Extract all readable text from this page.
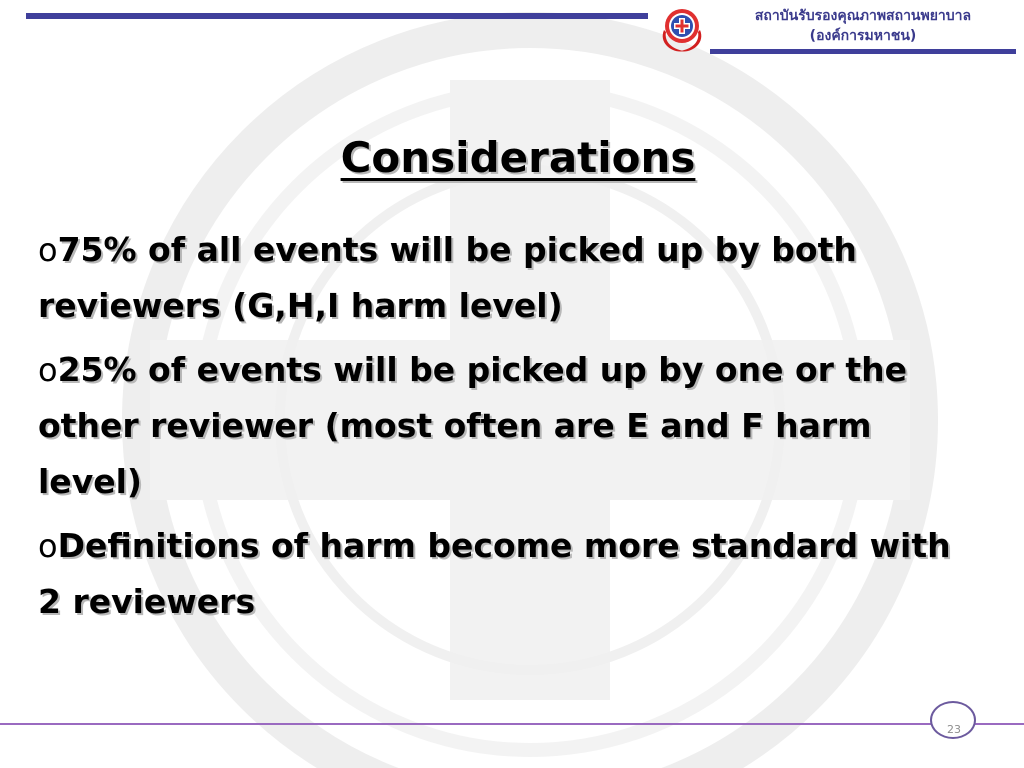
สถาบันรับรองคุณภาพสถานพยาบาล
(องค์การมหาชน)
Considerations
o75% of all events will be picked up by both reviewers (G,H,I harm level)
o25% of events will be picked up by one or the other reviewer (most often are E and F harm level)
oDefinitions of harm become more standard with 2 reviewers
23
